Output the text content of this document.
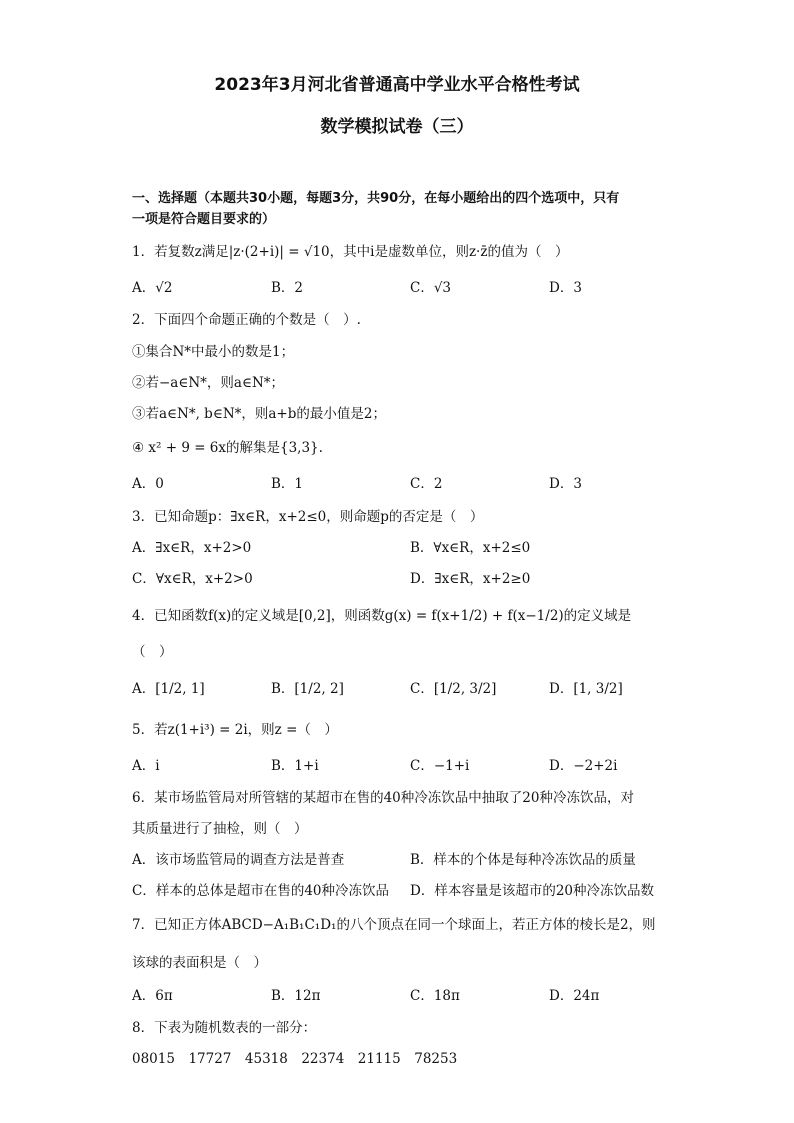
2023年3月河北省普通高中学业水平合格性考试
数学模拟试卷（三）
一、选择题（本题共30小题，每题3分，共90分，在每小题给出的四个选项中，只有
一项是符合题目要求的）
1．若复数z满足|z·(2+i)| = √10，其中i是虚数单位，则z·z̄的值为（　）
A．√2	B．2	C．√3	D．3
2．下面四个命题正确的个数是（　）.
①集合N*中最小的数是1；
②若−a∈N*，则a∈N*；
③若a∈N*, b∈N*，则a+b的最小值是2；
④ x² + 9 = 6x的解集是{3,3}.
A．0	B．1	C．2	D．3
3．已知命题p：∃x∈R，x+2≤0，则命题p的否定是（　）
A．∃x∈R，x+2>0	B．∀x∈R，x+2≤0
C．∀x∈R，x+2>0	D．∃x∈R，x+2≥0
4．已知函数f(x)的定义域是[0,2]，则函数g(x) = f(x+1/2) + f(x−1/2)的定义域是
（　）
A．[1/2, 1]	B．[1/2, 2]	C．[1/2, 3/2]	D．[1, 3/2]
5．若z(1+i³) = 2i，则z =（　）
A．i	B．1+i	C．−1+i	D．−2+2i
6．某市场监管局对所管辖的某超市在售的40种冷冻饮品中抽取了20种冷冻饮品，对
其质量进行了抽检，则（　）
A．该市场监管局的调查方法是普查	B．样本的个体是每种冷冻饮品的质量
C．样本的总体是超市在售的40种冷冻饮品 D．样本容量是该超市的20种冷冻饮品数
7．已知正方体ABCD−A₁B₁C₁D₁的八个顶点在同一个球面上，若正方体的棱长是2，则
该球的表面积是（　）
A．6π	B．12π	C．18π	D．24π
8．下表为随机数表的一部分：
08015　17727　45318　22374　21115　78253
